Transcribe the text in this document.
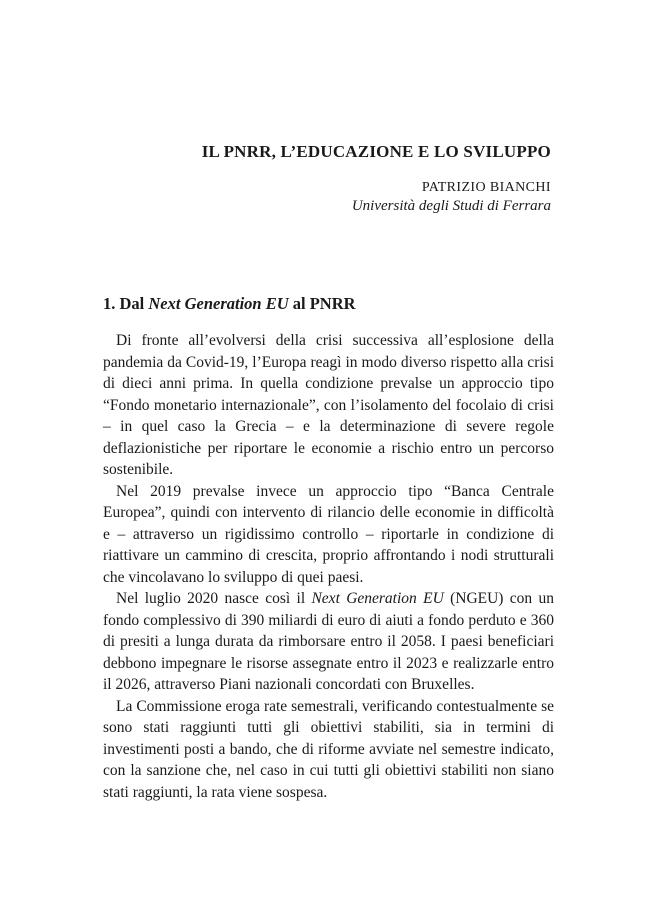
IL PNRR, L’EDUCAZIONE E LO SVILUPPO
PATRIZIO BIANCHI
Università degli Studi di Ferrara
1. Dal Next Generation EU al PNRR

Di fronte all’evolversi della crisi successiva all’esplosione della pandemia da Covid-19, l’Europa reagì in modo diverso rispetto alla crisi di dieci anni prima. In quella condizione prevalse un approccio tipo “Fondo monetario internazionale”, con l’isolamento del focolaio di crisi – in quel caso la Grecia – e la determinazione di severe regole deflazionistiche per riportare le economie a rischio entro un percorso sostenibile.

Nel 2019 prevalse invece un approccio tipo “Banca Centrale Europea”, quindi con intervento di rilancio delle economie in difficoltà e – attraverso un rigidissimo controllo – riportarle in condizione di riattivare un cammino di crescita, proprio affrontando i nodi strutturali che vincolavano lo sviluppo di quei paesi.

Nel luglio 2020 nasce così il Next Generation EU (NGEU) con un fondo complessivo di 390 miliardi di euro di aiuti a fondo perduto e 360 di presiti a lunga durata da rimborsare entro il 2058. I paesi beneficiari debbono impegnare le risorse assegnate entro il 2023 e realizzarle entro il 2026, attraverso Piani nazionali concordati con Bruxelles.

La Commissione eroga rate semestrali, verificando contestualmente se sono stati raggiunti tutti gli obiettivi stabiliti, sia in termini di investimenti posti a bando, che di riforme avviate nel semestre indicato, con la sanzione che, nel caso in cui tutti gli obiettivi stabiliti non siano stati raggiunti, la rata viene sospesa.
